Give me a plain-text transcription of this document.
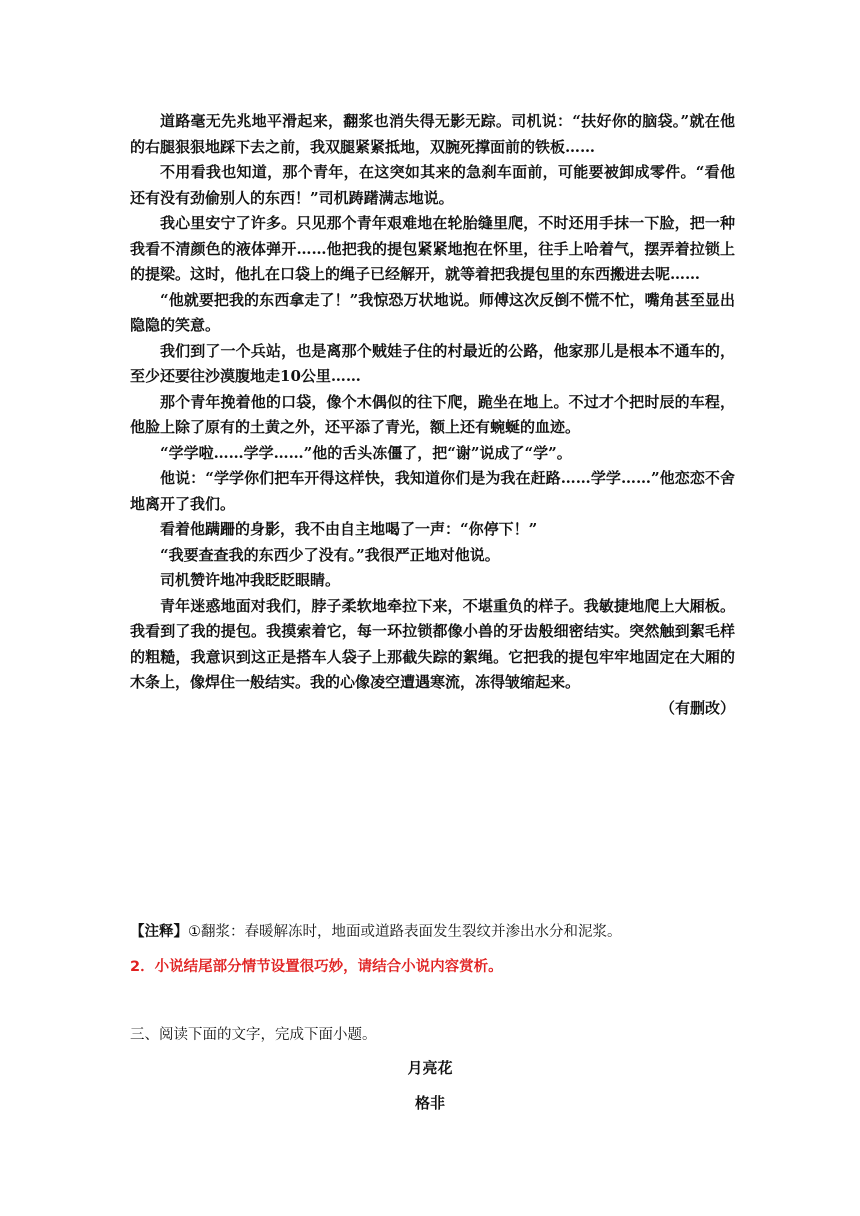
道路毫无先兆地平滑起来，翻浆也消失得无影无踪。司机说：“扶好你的脑袋。”就在他的右腿狠狠地踩下去之前，我双腿紧紧抵地，双腕死撑面前的铁板……

不用看我也知道，那个青年，在这突如其来的急刹车面前，可能要被卸成零件。“看他还有没有劲偷别人的东西！”司机踌躇满志地说。

我心里安宁了许多。只见那个青年艰难地在轮胎缝里爬，不时还用手抹一下脸，把一种我看不清颜色的液体弹开……他把我的提包紧紧地抱在怀里，往手上哈着气，摆弄着拉锁上的提梁。这时，他扎在口袋上的绳子已经解开，就等着把我提包里的东西搬进去呢……

“他就要把我的东西拿走了！”我惊恐万状地说。师傅这次反倒不慌不忙，嘴角甚至显出隐隐的笑意。

我们到了一个兵站，也是离那个贼娃子住的村最近的公路，他家那儿是根本不通车的，至少还要往沙漠腹地走10公里……

那个青年挽着他的口袋，像个木偶似的往下爬，跪坐在地上。不过才个把时辰的车程，他脸上除了原有的土黄之外，还平添了青光，额上还有蜿蜒的血迹。

“学学啦……学学……”他的舌头冻僵了，把“谢”说成了“学”。

他说：“学学你们把车开得这样快，我知道你们是为我在赶路……学学……”他恋恋不舍地离开了我们。

看着他蹒跚的身影，我不由自主地喝了一声：“你停下！”

“我要查查我的东西少了没有。”我很严正地对他说。

司机赞许地冲我眨眨眼睛。

青年迷惑地面对我们，脖子柔软地牵拉下来，不堪重负的样子。我敏捷地爬上大厢板。我看到了我的提包。我摸索着它，每一环拉锁都像小兽的牙齿般细密结实。突然触到絮毛样的粗糙，我意识到这正是搭车人袋子上那截失踪的絮绳。它把我的提包牢牢地固定在大厢的木条上，像焊住一般结实。我的心像凌空遭遇寒流，冻得皱缩起来。

（有删改）

【注释】①翻浆：春暖解冻时，地面或道路表面发生裂纹并渗出水分和泥浆。
2．小说结尾部分情节设置很巧妙，请结合小说内容赏析。
三、阅读下面的文字，完成下面小题。
月亮花
格非
